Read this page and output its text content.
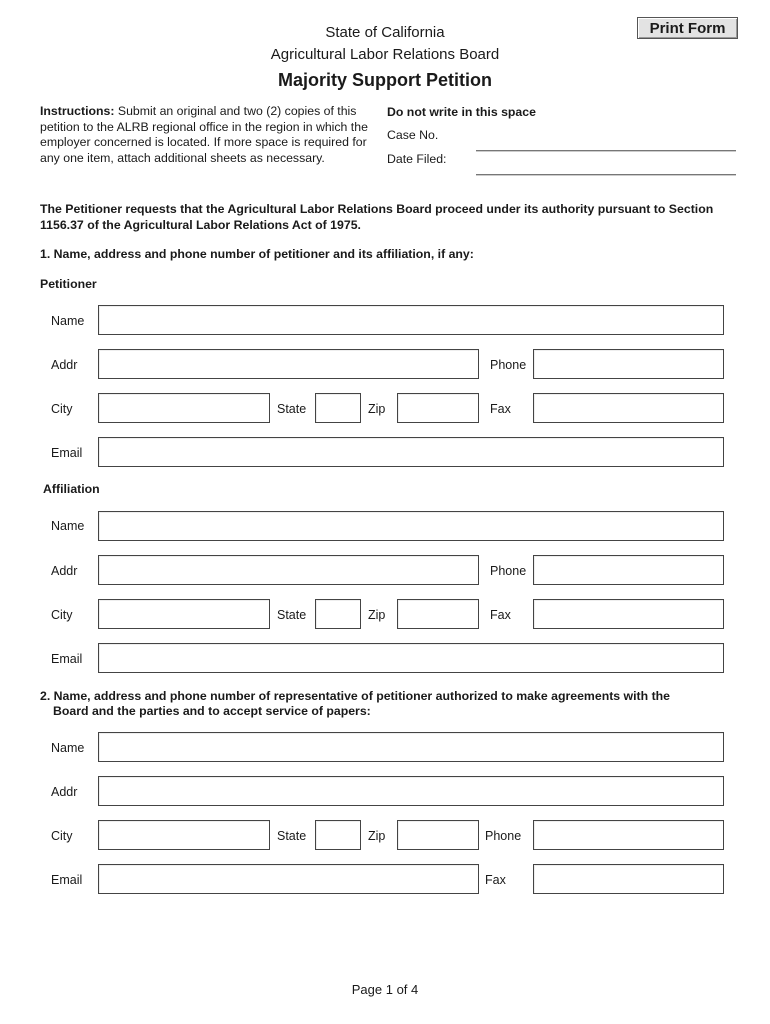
State of California
Agricultural Labor Relations Board
Majority Support Petition
Print Form
Instructions: Submit an original and two (2) copies of this petition to the ALRB regional office in the region in which the employer concerned is located. If more space is required for any one item, attach additional sheets as necessary.
Do not write in this space
Case No.
Date Filed:
The Petitioner requests that the Agricultural Labor Relations Board proceed under its authority pursuant to Section 1156.37 of the Agricultural Labor Relations Act of 1975.
1. Name, address and phone number of petitioner and its affiliation, if any:
Petitioner
Name
Addr	Phone
City	State	Zip	Fax
Email
Affiliation
Name
Addr	Phone
City	State	Zip	Fax
Email
2. Name, address and phone number of representative of petitioner authorized to make agreements with the
Board and the parties and to accept service of papers:
Name
Addr
City	State	Zip	Phone
Email	Fax
Page 1 of 4
